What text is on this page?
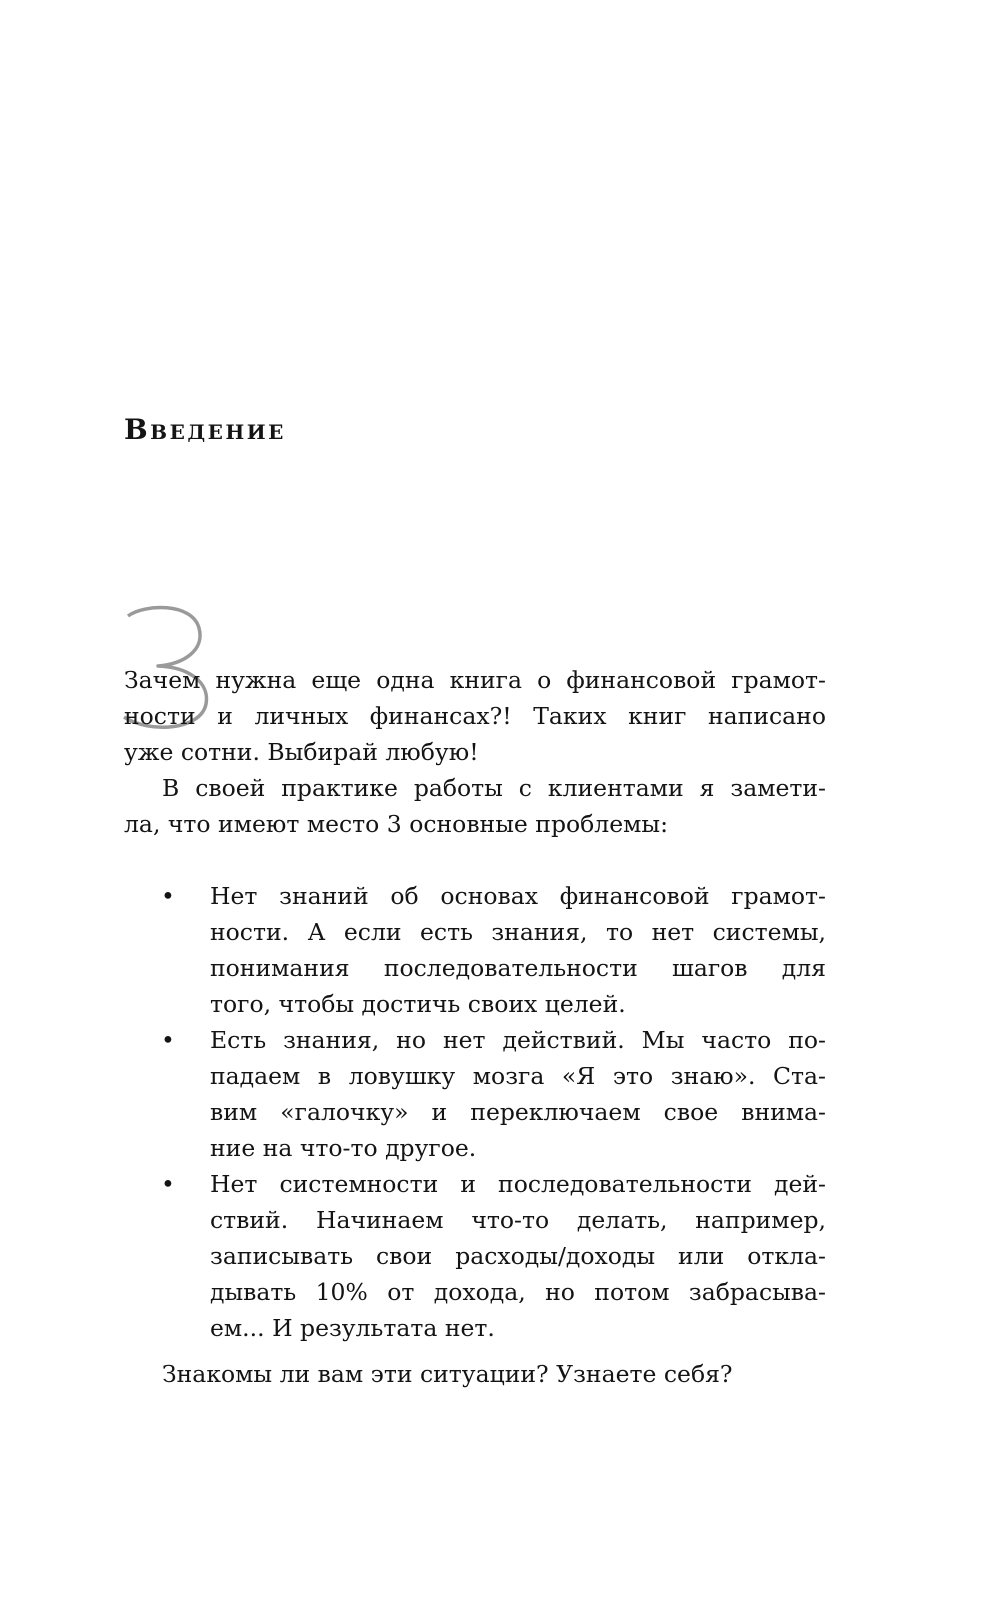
Введение
Зачем нужна еще одна книга о финансовой грамот-
ности и личных финансах?! Таких книг написано
уже сотни. Выбирай любую!
В своей практике работы с клиентами я замети-
ла, что имеют место 3 основные проблемы:
• Нет знаний об основах финансовой грамот-
ности. А если есть знания, то нет системы,
понимания последовательности шагов для
того, чтобы достичь своих целей.
• Есть знания, но нет действий. Мы часто по-
падаем в ловушку мозга «Я это знаю». Ста-
вим «галочку» и переключаем свое внима-
ние на что-то другое.
• Нет системности и последовательности дей-
ствий. Начинаем что-то делать, например,
записывать свои расходы/доходы или откла-
дывать 10% от дохода, но потом забрасыва-
ем... И результата нет.
Знакомы ли вам эти ситуации? Узнаете себя?
